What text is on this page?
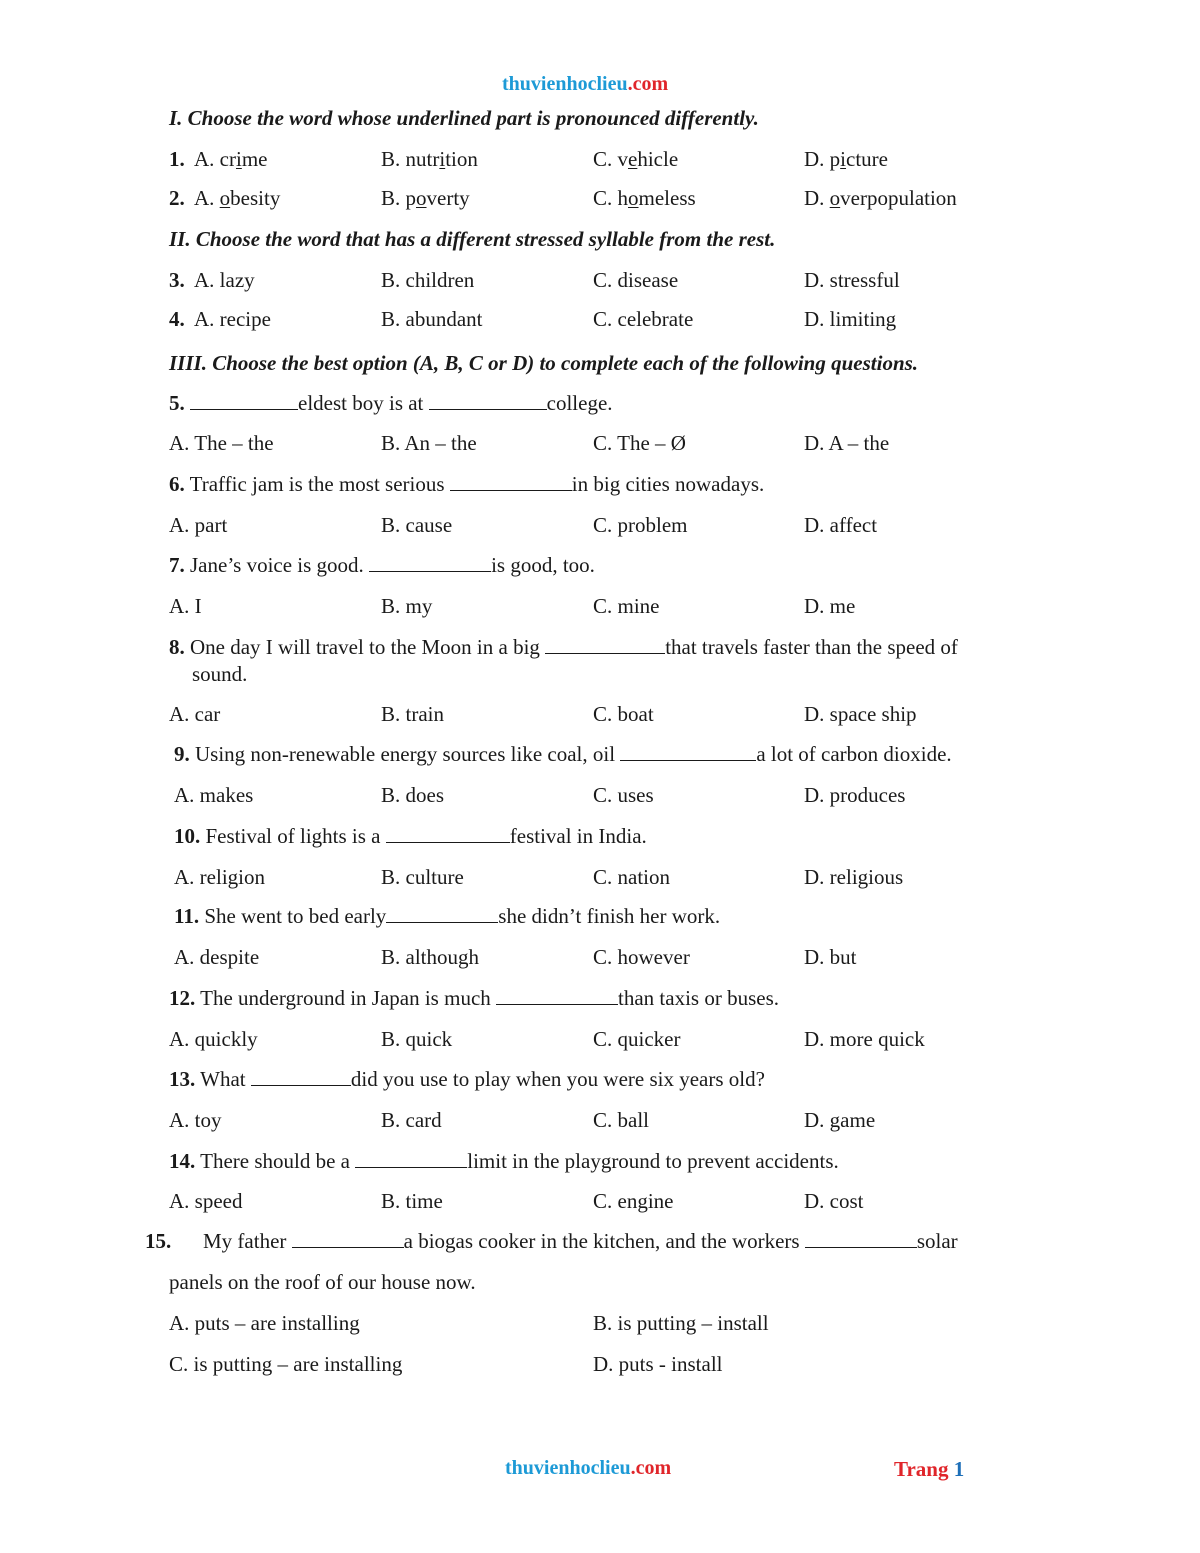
thuvienhoclieu.com
I. Choose the word whose underlined part is pronounced differently.
1. A. crime	B. nutrition	C. vehicle	D. picture
2. A. obesity	B. poverty	C. homeless	D. overpopulation
II. Choose the word that has a different stressed syllable from the rest.
3. A. lazy	B. children	C. disease	D. stressful
4. A. recipe	B. abundant	C. celebrate	D. limiting
IIII. Choose the best option (A, B, C or D) to complete each of the following questions.
5.	eldest boy is at	college.
A. The – the	B. An – the	C. The – Ø	D. A – the
6. Traffic jam is the most serious	in big cities nowadays.
A. part	B. cause	C. problem	D. affect
7. Jane’s voice is good.	is good, too.
A. I	B. my	C. mine	D. me
8. One day I will travel to the Moon in a big	that travels faster than the speed of
sound.
A. car	B. train	C. boat	D. space ship
9. Using non-renewable energy sources like coal, oil	a lot of carbon dioxide.
A. makes	B. does	C. uses	D. produces
10. Festival of lights is a	festival in India.
A. religion	B. culture	C. nation	D. religious
11. She went to bed early	she didn’t finish her work.
A. despite	B. although	C. however	D. but
12. The underground in Japan is much	than taxis or buses.
A. quickly	B. quick	C. quicker	D. more quick
13. What	did you use to play when you were six years old?
A. toy	B. card	C. ball	D. game
14. There should be a	limit in the playground to prevent accidents.
A. speed	B. time	C. engine	D. cost
15. My father	a biogas cooker in the kitchen, and the workers	solar
panels on the roof of our house now.
A. puts – are installing	B. is putting – install
C. is putting – are installing	D. puts - install
thuvienhoclieu.com	Trang 1
